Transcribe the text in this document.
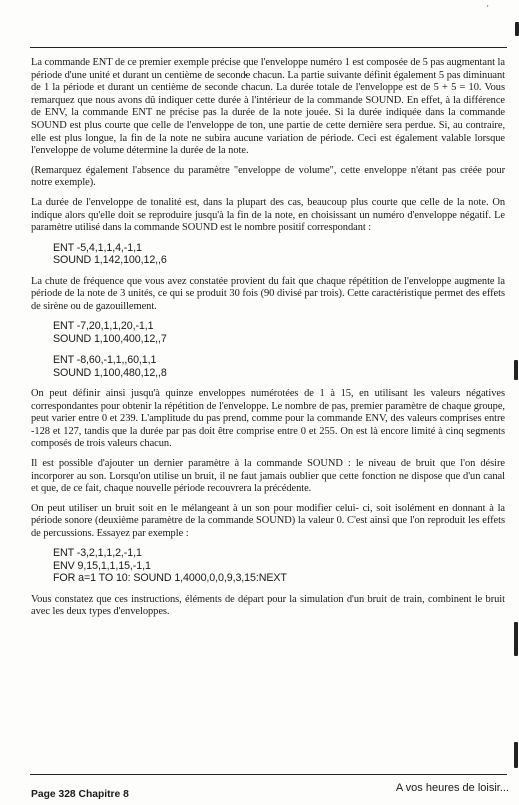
'

La commande ENT de ce premier exemple précise que l'enveloppe numéro 1 est composée de 5 pas augmentant la période d'une unité et durant un centième de seconde chacun. La partie suivante définit également 5 pas diminuant de 1 la période et durant un centième de seconde chacun. La durée totale de l'enveloppe est de 5 + 5 = 10. Vous remarquez que nous avons dû indiquer cette durée à l'intérieur de la commande SOUND. En effet, à la différence de ENV, la commande ENT ne précise pas la durée de la note jouée. Si la durée indiquée dans la commande SOUND est plus courte que celle de l'enveloppe de ton, une partie de cette dernière sera perdue. Si, au contraire, elle est plus longue, la fin de la note ne subira aucune variation de période. Ceci est également valable lorsque l'enveloppe de volume détermine la durée de la note.

(Remarquez également l'absence du paramètre "enveloppe de volume", cette enveloppe n'étant pas créée pour notre exemple).

La durée de l'enveloppe de tonalité est, dans la plupart des cas, beaucoup plus courte que celle de la note. On indique alors qu'elle doit se reproduire jusqu'à la fin de la note, en choisissant un numéro d'enveloppe négatif. Le paramètre utilisé dans la commande SOUND est le nombre positif correspondant :

ENT -5,4,1,1,4,-1,1
SOUND 1,142,100,12,,6

La chute de fréquence que vous avez constatée provient du fait que chaque répétition de l'enveloppe augmente la période de la note de 3 unités, ce qui se produit 30 fois (90 divisé par trois). Cette caractéristique permet des effets de sirène ou de gazouillement.

ENT -7,20,1,1,20,-1,1
SOUND 1,100,400,12,,7
ENT -8,60,-1,1,,60,1,1
SOUND 1,100,480,12,,8

On peut définir ainsi jusqu'à quinze enveloppes numérotées de 1 à 15, en utilisant les valeurs négatives correspondantes pour obtenir la répétition de l'enveloppe. Le nombre de pas, premier paramètre de chaque groupe, peut varier entre 0 et 239. L'amplitude du pas prend, comme pour la commande ENV, des valeurs comprises entre -128 et 127, tandis que la durée par pas doit être comprise entre 0 et 255. On est là encore limité à cinq segments composés de trois valeurs chacun.

Il est possible d'ajouter un dernier paramètre à la commande SOUND : le niveau de bruit que l'on désire incorporer au son. Lorsqu'on utilise un bruit, il ne faut jamais oublier que cette fonction ne dispose que d'un canal et que, de ce fait, chaque nouvelle période recouvrera la précédente.

On peut utiliser un bruit soit en le mélangeant à un son pour modifier celui- ci, soit isolément en donnant à la période sonore (deuxième paramètre de la commande SOUND) la valeur 0. C'est ainsi que l'on reproduit les effets de percussions. Essayez par exemple :

ENT -3,2,1,1,2,-1,1
ENV 9,15,1,1,15,-1,1
FOR a=1 TO 10: SOUND 1,4000,0,0,9,3,15:NEXT

Vous constatez que ces instructions, éléments de départ pour la simulation d'un bruit de train, combinent le bruit avec les deux types d'enveloppes.

Page 328 Chapitre 8
A vos heures de loisir...
